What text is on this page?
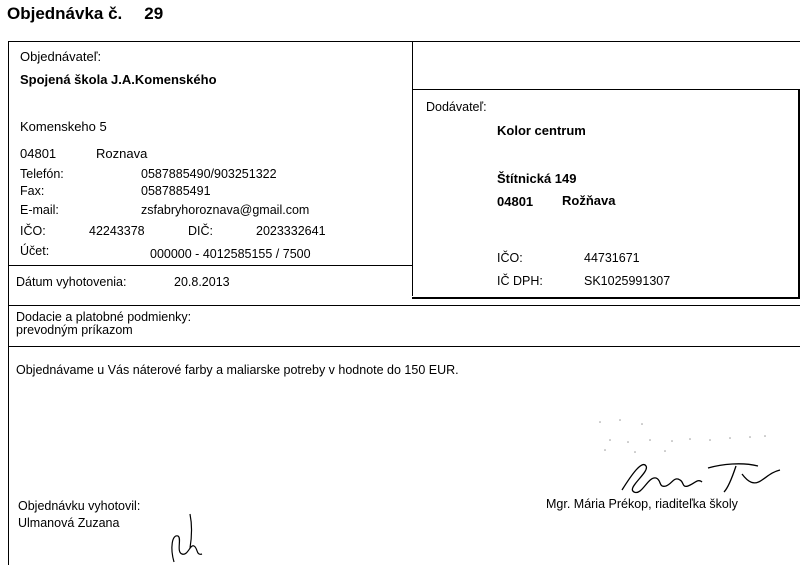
Objednávka č. 29
Objednávateľ:
Spojená škola J.A.Komenského
Komenskeho 5
04801	Roznava
Telefón:	0587885490/903251322
Fax:	0587885491
E-mail:	zsfabryhoroznava@gmail.com
IČO:	42243378	DIČ:	2023332641
Účet:	000000 - 4012585155 / 7500
Dátum vyhotovenia:	20.8.2013
Dodávateľ:
Kolor centrum
Štítnická 149
04801 Rožňava
IČO:	44731671
IČ DPH:	SK1025991307
Dodacie a platobné podmienky:
prevodným príkazom
Objednávame u Vás náterové farby a maliarske potreby v hodnote do 150 EUR.
Objednávku vyhotovil:
Ulmanová Zuzana
Mgr. Mária Prékop, riaditeľka školy
